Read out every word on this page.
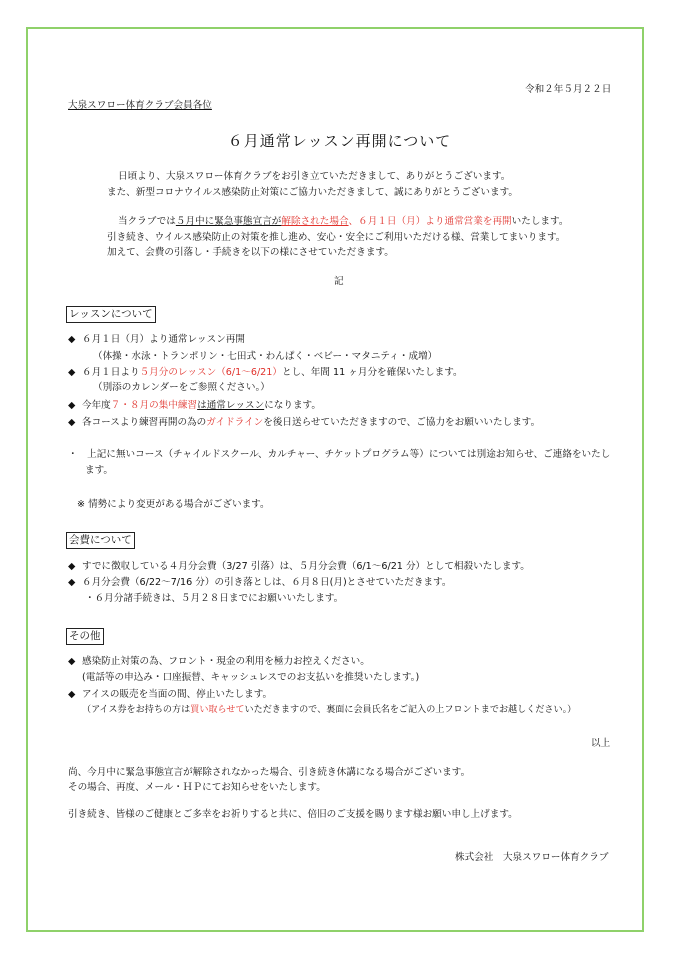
令和２年５月２２日
大泉スワロー体育クラブ会員各位
６月通常レッスン再開について
日頃より、大泉スワロー体育クラブをお引き立ていただきまして、ありがとうございます。
また、新型コロナウイルス感染防止対策にご協力いただきまして、誠にありがとうございます。
当クラブでは５月中に緊急事態宣言が解除された場合、６月１日（月）より通常営業を再開いたします。
引き続き、ウイルス感染防止の対策を推し進め、安心・安全にご利用いただける様、営業してまいります。
加えて、会費の引落し・手続きを以下の様にさせていただきます。
記
レッスンについて
◆ ６月１日（月）より通常レッスン再開
（体操・水泳・トランポリン・七田式・わんぱく・ベビー・マタニティ・成増）
◆ ６月１日より５月分のレッスン（6/1～6/21）とし、年間 11 ヶ月分を確保いたします。
（別添のカレンダーをご参照ください。）
◆ 今年度７・８月の集中練習は通常レッスンになります。
◆ 各コースより練習再開の為のガイドラインを後日送らせていただきますので、ご協力をお願いいたします。
・　上記に無いコース（チャイルドスクール、カルチャー、チケットプログラム等）については別途お知らせ、ご連絡をいたし
ます。
※ 情勢により変更がある場合がございます。
会費について
◆ すでに徴収している４月分会費（3/27 引落）は、５月分会費（6/1～6/21 分）として相殺いたします。
◆ ６月分会費（6/22～7/16 分）の引き落としは、６月８日(月)とさせていただきます。
・６月分諸手続きは、５月２８日までにお願いいたします。
その他
◆ 感染防止対策の為、フロント・現金の利用を極力お控えください。
(電話等の申込み・口座振替、キャッシュレスでのお支払いを推奨いたします。)
◆ アイスの販売を当面の間、停止いたします。
（アイス券をお持ちの方は買い取らせていただきますので、裏面に会員氏名をご記入の上フロントまでお越しください。）
以上
尚、今月中に緊急事態宣言が解除されなかった場合、引き続き休講になる場合がございます。
その場合、再度、メール・ＨＰにてお知らせをいたします。
引き続き、皆様のご健康とご多幸をお祈りすると共に、倍旧のご支援を賜ります様お願い申し上げます。
株式会社　大泉スワロー体育クラブ
